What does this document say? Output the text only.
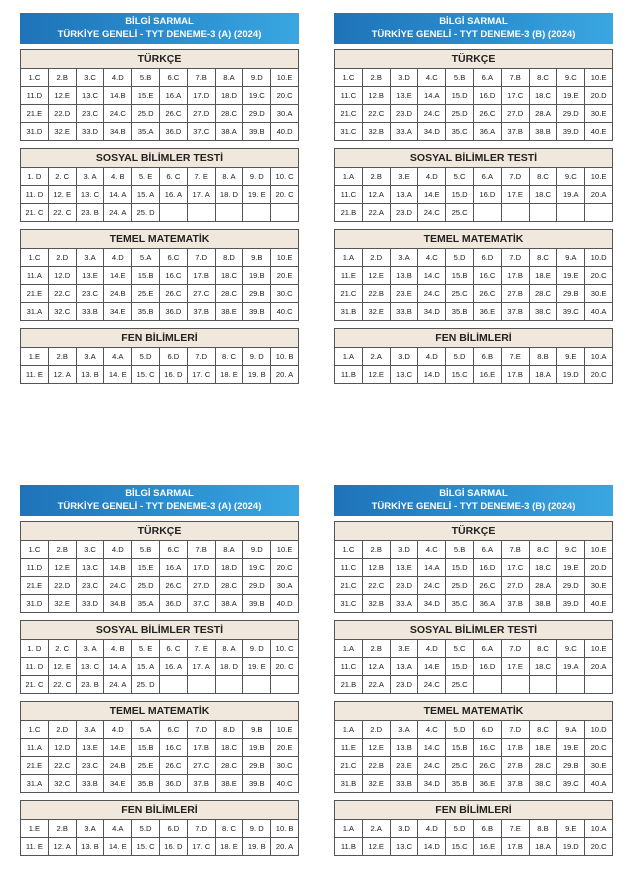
BİLGİ SARMAL
TÜRKİYE GENELİ - TYT DENEME-3 (A) (2024)
TÜRKÇE
1.C	2.B	3.C	4.D	5.B	6.C	7.B	8.A	9.D	10.E
11.D	12.E	13.C	14.B	15.E	16.A	17.D	18.D	19.C	20.C
21.E	22.D	23.C	24.C	25.D	26.C	27.D	28.C	29.D	30.A
31.D	32.E	33.D	34.B	35.A	36.D	37.C	38.A	39.B	40.D
SOSYAL BİLİMLER TESTİ
1. D	2. C	3. A	4. B	5. E	6. C	7. E	8. A	9. D	10. C
11. D	12. E	13. C	14. A	15. A	16. A	17. A	18. D	19. E	20. C
21. C	22. C	23. B	24. A	25. D					
TEMEL MATEMATİK
1.C	2.D	3.A	4.D	5.A	6.C	7.D	8.D	9.B	10.E
11.A	12.D	13.E	14.E	15.B	16.C	17.B	18.C	19.B	20.E
21.E	22.C	23.C	24.B	25.E	26.C	27.C	28.C	29.B	30.C
31.A	32.C	33.B	34.E	35.B	36.D	37.B	38.E	39.B	40.C
FEN BİLİMLERİ
1.E	2.B	3.A	4.A	5.D	6.D	7.D	8. C	9. D	10. B
11. E	12. A	13. B	14. E	15. C	16. D	17. C	18. E	19. B	20. A
BİLGİ SARMAL
TÜRKİYE GENELİ - TYT DENEME-3 (B) (2024)
TÜRKÇE
1.C	2.B	3.D	4.C	5.B	6.A	7.B	8.C	9.C	10.E
11.C	12.B	13.E	14.A	15.D	16.D	17.C	18.C	19.E	20.D
21.C	22.C	23.D	24.C	25.D	26.C	27.D	28.A	29.D	30.E
31.C	32.B	33.A	34.D	35.C	36.A	37.B	38.B	39.D	40.E
SOSYAL BİLİMLER TESTİ
1.A	2.B	3.E	4.D	5.C	6.A	7.D	8.C	9.C	10.E
11.C	12.A	13.A	14.E	15.D	16.D	17.E	18.C	19.A	20.A
21.B	22.A	23.D	24.C	25.C					
TEMEL MATEMATİK
1.A	2.D	3.A	4.C	5.D	6.D	7.D	8.C	9.A	10.D
11.E	12.E	13.B	14.C	15.B	16.C	17.B	18.E	19.E	20.C
21.C	22.B	23.E	24.C	25.C	26.C	27.B	28.C	29.B	30.E
31.B	32.E	33.B	34.D	35.B	36.E	37.B	38.C	39.C	40.A
FEN BİLİMLERİ
1.A	2.A	3.D	4.D	5.D	6.B	7.E	8.B	9.E	10.A
11.B	12.E	13.C	14.D	15.C	16.E	17.B	18.A	19.D	20.C
BİLGİ SARMAL
TÜRKİYE GENELİ - TYT DENEME-3 (A) (2024)
TÜRKÇE
1.C	2.B	3.C	4.D	5.B	6.C	7.B	8.A	9.D	10.E
11.D	12.E	13.C	14.B	15.E	16.A	17.D	18.D	19.C	20.C
21.E	22.D	23.C	24.C	25.D	26.C	27.D	28.C	29.D	30.A
31.D	32.E	33.D	34.B	35.A	36.D	37.C	38.A	39.B	40.D
SOSYAL BİLİMLER TESTİ
1. D	2. C	3. A	4. B	5. E	6. C	7. E	8. A	9. D	10. C
11. D	12. E	13. C	14. A	15. A	16. A	17. A	18. D	19. E	20. C
21. C	22. C	23. B	24. A	25. D					
TEMEL MATEMATİK
1.C	2.D	3.A	4.D	5.A	6.C	7.D	8.D	9.B	10.E
11.A	12.D	13.E	14.E	15.B	16.C	17.B	18.C	19.B	20.E
21.E	22.C	23.C	24.B	25.E	26.C	27.C	28.C	29.B	30.C
31.A	32.C	33.B	34.E	35.B	36.D	37.B	38.E	39.B	40.C
FEN BİLİMLERİ
1.E	2.B	3.A	4.A	5.D	6.D	7.D	8. C	9. D	10. B
11. E	12. A	13. B	14. E	15. C	16. D	17. C	18. E	19. B	20. A
BİLGİ SARMAL
TÜRKİYE GENELİ - TYT DENEME-3 (B) (2024)
TÜRKÇE
1.C	2.B	3.D	4.C	5.B	6.A	7.B	8.C	9.C	10.E
11.C	12.B	13.E	14.A	15.D	16.D	17.C	18.C	19.E	20.D
21.C	22.C	23.D	24.C	25.D	26.C	27.D	28.A	29.D	30.E
31.C	32.B	33.A	34.D	35.C	36.A	37.B	38.B	39.D	40.E
SOSYAL BİLİMLER TESTİ
1.A	2.B	3.E	4.D	5.C	6.A	7.D	8.C	9.C	10.E
11.C	12.A	13.A	14.E	15.D	16.D	17.E	18.C	19.A	20.A
21.B	22.A	23.D	24.C	25.C					
TEMEL MATEMATİK
1.A	2.D	3.A	4.C	5.D	6.D	7.D	8.C	9.A	10.D
11.E	12.E	13.B	14.C	15.B	16.C	17.B	18.E	19.E	20.C
21.C	22.B	23.E	24.C	25.C	26.C	27.B	28.C	29.B	30.E
31.B	32.E	33.B	34.D	35.B	36.E	37.B	38.C	39.C	40.A
FEN BİLİMLERİ
1.A	2.A	3.D	4.D	5.D	6.B	7.E	8.B	9.E	10.A
11.B	12.E	13.C	14.D	15.C	16.E	17.B	18.A	19.D	20.C
